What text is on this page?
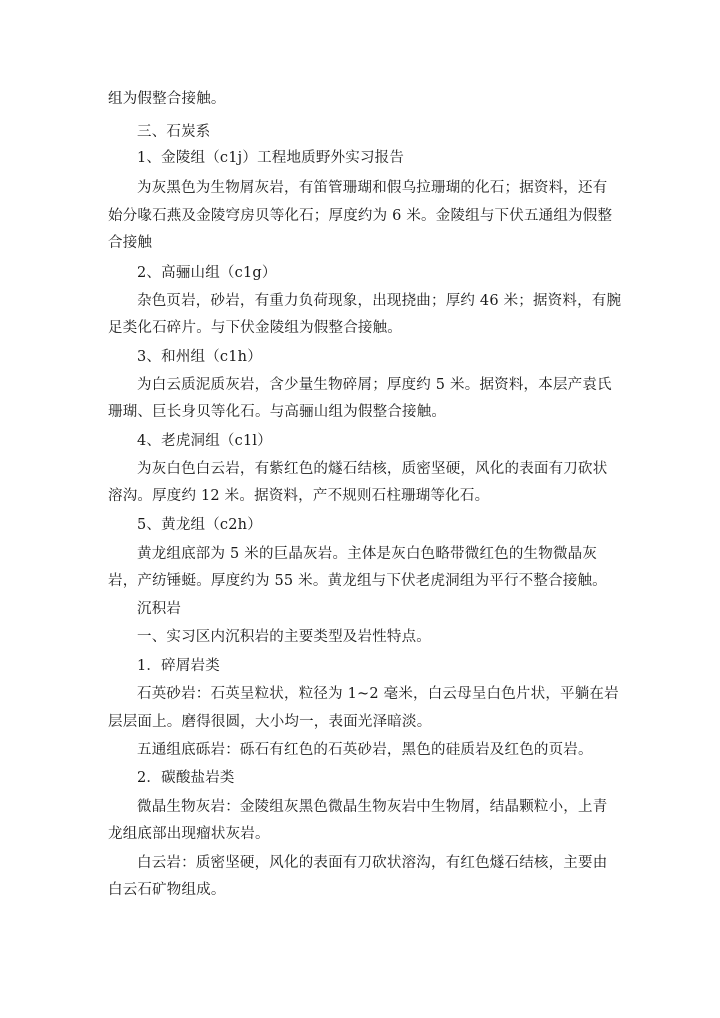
组为假整合接触。
三、石炭系
1、金陵组（c1j）工程地质野外实习报告
为灰黑色为生物屑灰岩，有笛管珊瑚和假乌拉珊瑚的化石；据资料，还有
始分喙石燕及金陵穹房贝等化石；厚度约为 6 米。金陵组与下伏五通组为假整
合接触
2、高骊山组（c1g）
杂色页岩，砂岩，有重力负荷现象，出现挠曲；厚约 46 米；据资料，有腕
足类化石碎片。与下伏金陵组为假整合接触。
3、和州组（c1h）
为白云质泥质灰岩，含少量生物碎屑；厚度约 5 米。据资料，本层产袁氏
珊瑚、巨长身贝等化石。与高骊山组为假整合接触。
4、老虎洞组（c1l）
为灰白色白云岩，有紫红色的燧石结核，质密坚硬，风化的表面有刀砍状
溶沟。厚度约 12 米。据资料，产不规则石柱珊瑚等化石。
5、黄龙组（c2h）
黄龙组底部为 5 米的巨晶灰岩。主体是灰白色略带微红色的生物微晶灰
岩，产纺锤蜓。厚度约为 55 米。黄龙组与下伏老虎洞组为平行不整合接触。
沉积岩
一、实习区内沉积岩的主要类型及岩性特点。
1．碎屑岩类
石英砂岩：石英呈粒状，粒径为 1~2 毫米，白云母呈白色片状，平躺在岩
层层面上。磨得很圆，大小均一，表面光泽暗淡。
五通组底砾岩：砾石有红色的石英砂岩，黑色的硅质岩及红色的页岩。
2．碳酸盐岩类
微晶生物灰岩：金陵组灰黑色微晶生物灰岩中生物屑，结晶颗粒小，上青
龙组底部出现瘤状灰岩。
白云岩：质密坚硬，风化的表面有刀砍状溶沟，有红色燧石结核，主要由
白云石矿物组成。
